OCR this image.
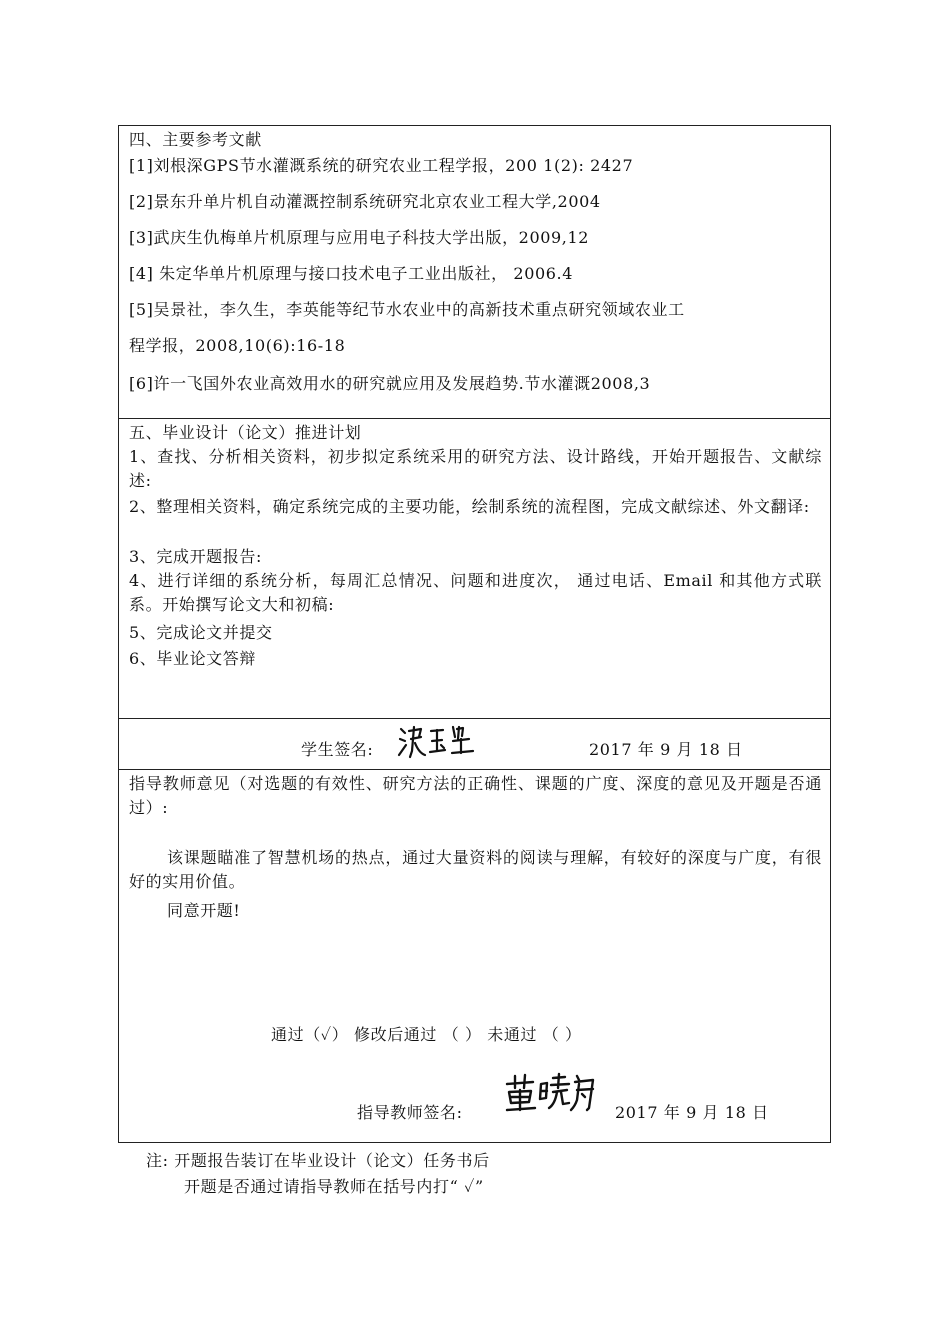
四、主要参考文献
[1]刘根深GPS节水灌溉系统的研究农业工程学报，200 1(2): 2427
[2]景东升单片机自动灌溉控制系统研究北京农业工程大学,2004
[3]武庆生仇梅单片机原理与应用电子科技大学出版，2009,12
[4] 朱定华单片机原理与接口技术电子工业出版社， 2006.4
[5]吴景社，李久生，李英能等纪节水农业中的高新技术重点研究领域农业工
程学报，2008,10(6):16-18
[6]许一飞国外农业高效用水的研究就应用及发展趋势.节水灌溉2008,3
五、毕业设计（论文）推进计划
1、查找、分析相关资料，初步拟定系统采用的研究方法、设计路线，开始开题报告、文献综述:
2、整理相关资料，确定系统完成的主要功能，绘制系统的流程图，完成文献综述、外文翻译:
3、完成开题报告:
4、进行详细的系统分析，每周汇总情况、问题和进度次， 通过电话、Email 和其他方式联系。开始撰写论文大和初稿:
5、完成论文并提交
6、毕业论文答辩
学生签名:	2017 年 9 月 18 日
指导教师意见（对选题的有效性、研究方法的正确性、课题的广度、深度的意见及开题是否通过）:
该课题瞄准了智慧机场的热点，通过大量资料的阅读与理解，有较好的深度与广度，有很好的实用价值。
同意开题!
通过（✓） 修改后通过 （ ） 未通过 （ ）
指导教师签名:	2017 年 9 月 18 日
注: 开题报告装订在毕业设计（论文）任务书后
开题是否通过请指导教师在括号内打“ ✓”
